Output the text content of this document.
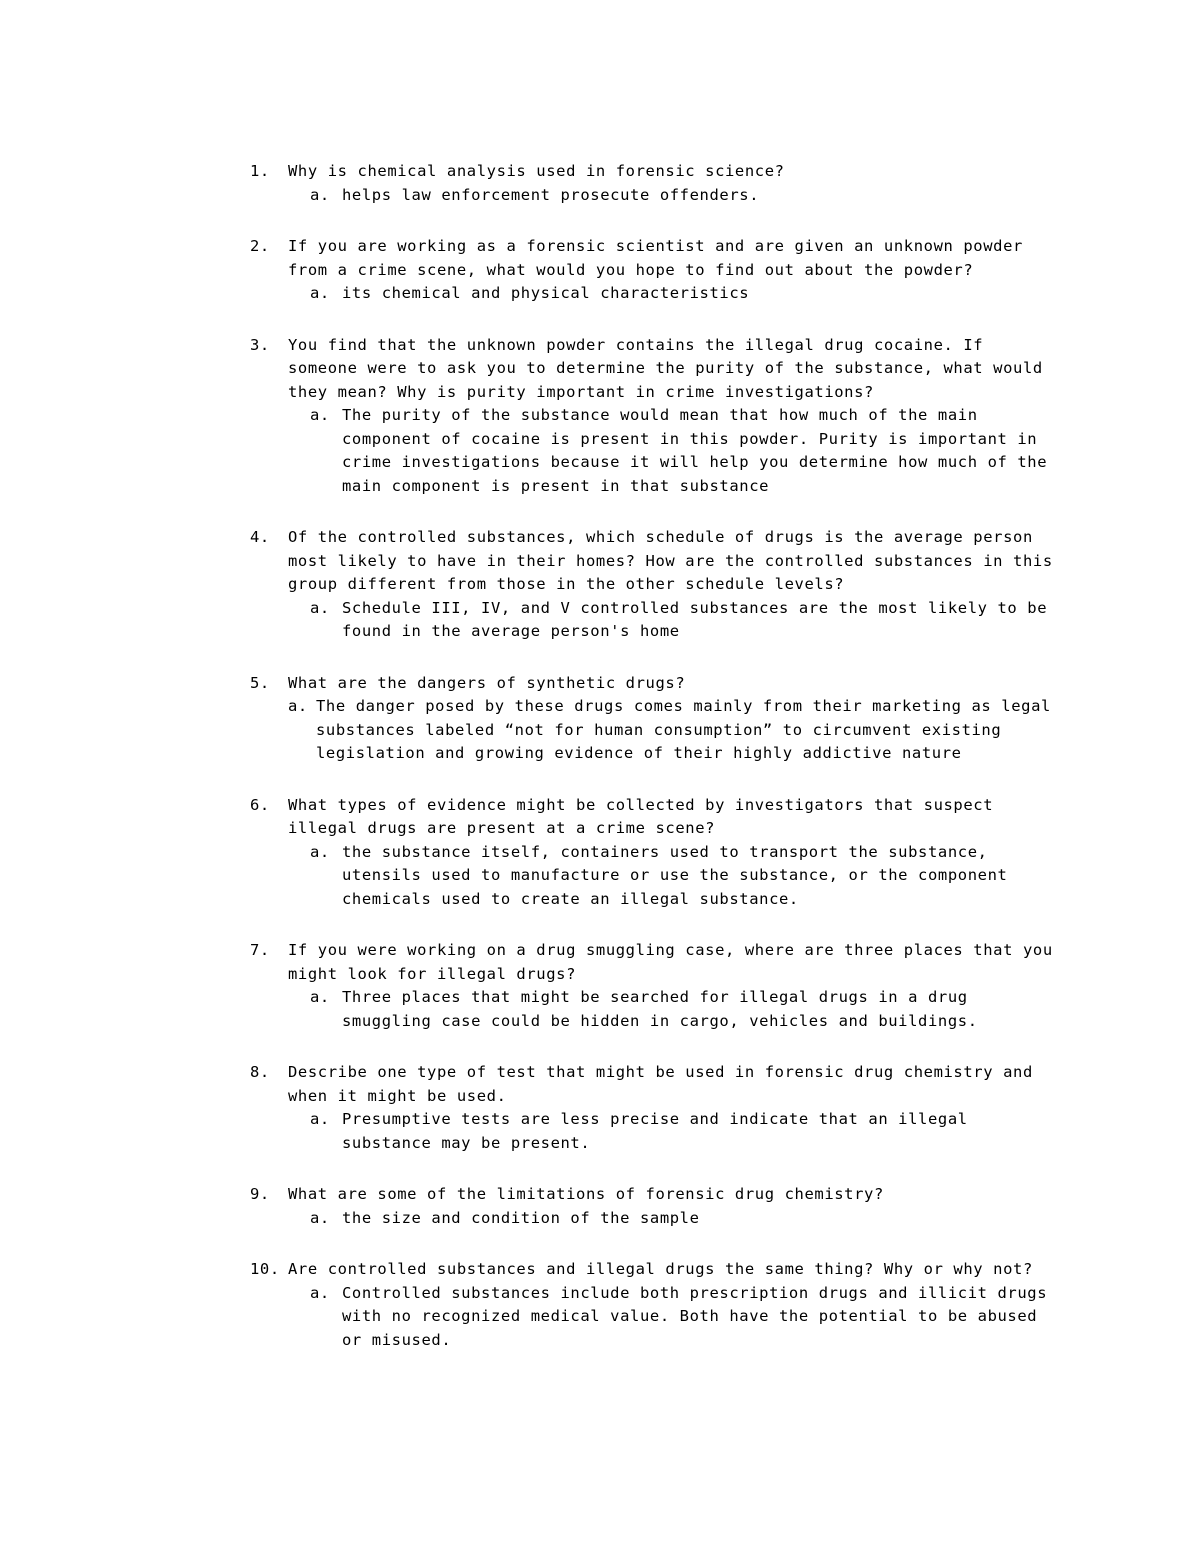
1.	Why is chemical analysis used in forensic science?
a. helps law enforcement prosecute offenders.
2.	If you are working as a forensic scientist and are given an unknown powder from a crime scene, what would you hope to find out about the powder?
a. its chemical and physical characteristics
3.	You find that the unknown powder contains the illegal drug cocaine. If someone were to ask you to determine the purity of the substance, what would they mean? Why is purity important in crime investigations?
a. The purity of the substance would mean that how much of the main component of cocaine is present in this powder. Purity is important in crime investigations because it will help you determine how much of the main component is present in that substance
4.	Of the controlled substances, which schedule of drugs is the average person most likely to have in their homes? How are the controlled substances in this group different from those in the other schedule levels?
a. Schedule III, IV, and V controlled substances are the most likely to be found in the average person's home
5.	What are the dangers of synthetic drugs?
a. The danger posed by these drugs comes mainly from their marketing as legal substances labeled “not for human consumption” to circumvent existing legislation and growing evidence of their highly addictive nature
6.	What types of evidence might be collected by investigators that suspect illegal drugs are present at a crime scene?
a. the substance itself, containers used to transport the substance, utensils used to manufacture or use the substance, or the component chemicals used to create an illegal substance.
7.	If you were working on a drug smuggling case, where are three places that you might look for illegal drugs?
a. Three places that might be searched for illegal drugs in a drug smuggling case could be hidden in cargo, vehicles and buildings.
8.	Describe one type of test that might be used in forensic drug chemistry and when it might be used.
a. Presumptive tests are less precise and indicate that an illegal substance may be present.
9.	What are some of the limitations of forensic drug chemistry?
a. the size and condition of the sample
10. Are controlled substances and illegal drugs the same thing? Why or why not?
a. Controlled substances include both prescription drugs and illicit drugs with no recognized medical value. Both have the potential to be abused or misused.
